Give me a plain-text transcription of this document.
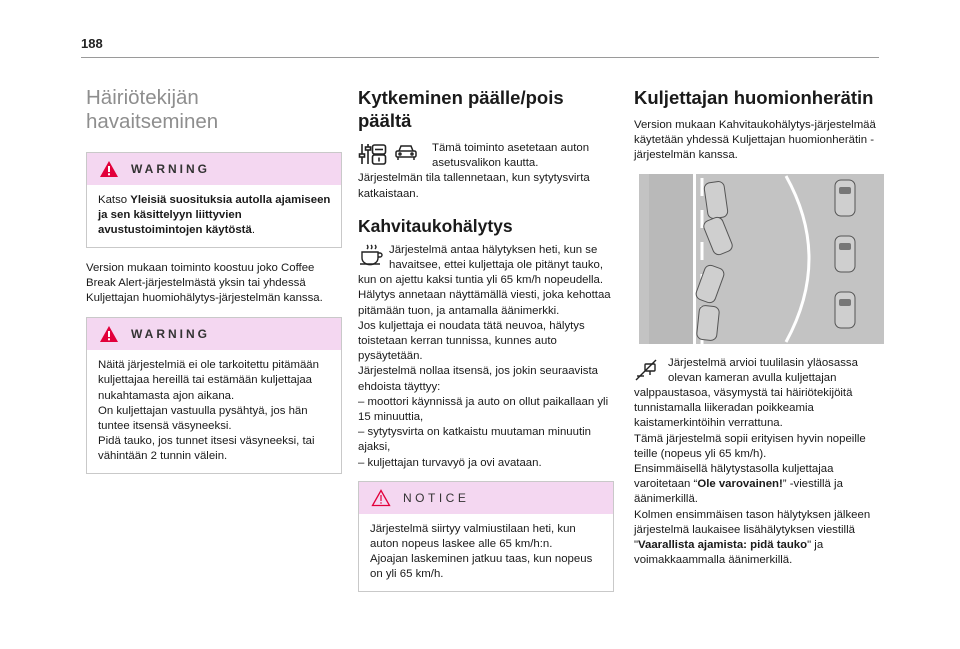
188
Häiriötekijän
havaitseminen
WARNING

Katso Yleisiä suosituksia autolla ajamiseen ja sen käsittelyyn liittyvien avustustoimintojen käytöstä.

Version mukaan toiminto koostuu joko Coffee Break Alert-järjestelmästä yksin tai yhdessä Kuljettajan huomiohälytys-järjestelmän kanssa.

WARNING

Näitä järjestelmiä ei ole tarkoitettu pitämään kuljettajaa hereillä tai estämään kuljettajaa nukahtamasta ajon aikana.

On kuljettajan vastuulla pysähtyä, jos hän tuntee itsensä väsyneeksi.

Pidä tauko, jos tunnet itsesi väsyneeksi, tai vähintään 2 tunnin välein.

Kytkeminen päälle/pois
päältä

Tämä toiminto asetetaan auton asetusvalikon kautta.

Järjestelmän tila tallennetaan, kun sytytysvirta katkaistaan.

Kahvitaukohälytys

Järjestelmä antaa hälytyksen heti, kun se havaitsee, ettei kuljettaja ole pitänyt tauko, kun on ajettu kaksi tuntia yli 65 km/h nopeudella.

Hälytys annetaan näyttämällä viesti, joka kehottaa pitämään tuon, ja antamalla äänimerkki.

Jos kuljettaja ei noudata tätä neuvoa, hälytys toistetaan kerran tunnissa, kunnes auto pysäytetään.

Järjestelmä nollaa itsensä, jos jokin seuraavista ehdoista täyttyy:

– moottori käynnissä ja auto on ollut paikallaan yli 15 minuuttia,

– sytytysvirta on katkaistu muutaman minuutin ajaksi,

– kuljettajan turvavyö ja ovi avataan.

NOTICE

Järjestelmä siirtyy valmiustilaan heti, kun auton nopeus laskee alle 65 km/h:n.

Ajoajan laskeminen jatkuu taas, kun nopeus on yli 65 km/h.

Kuljettajan huomionherätin

Version mukaan Kahvitaukohälytys-järjestelmää käytetään yhdessä Kuljettajan huomionherätin -järjestelmän kanssa.

Järjestelmä arvioi tuulilasin yläosassa olevan kameran avulla kuljettajan valppaustasoa, väsymystä tai häiriötekijöitä tunnistamalla liikeradan poikkeamia kaistamerkintöihin verrattuna.

Tämä järjestelmä sopii erityisen hyvin nopeille teille (nopeus yli 65 km/h).

Ensimmäisellä hälytystasolla kuljettajaa varoitetaan “Ole varovainen!” -viestillä ja äänimerkillä.

Kolmen ensimmäisen tason hälytyksen jälkeen järjestelmä laukaisee lisähälytyksen viestillä "Vaarallista ajamista: pidä tauko" ja voimakkaammalla äänimerkillä.
